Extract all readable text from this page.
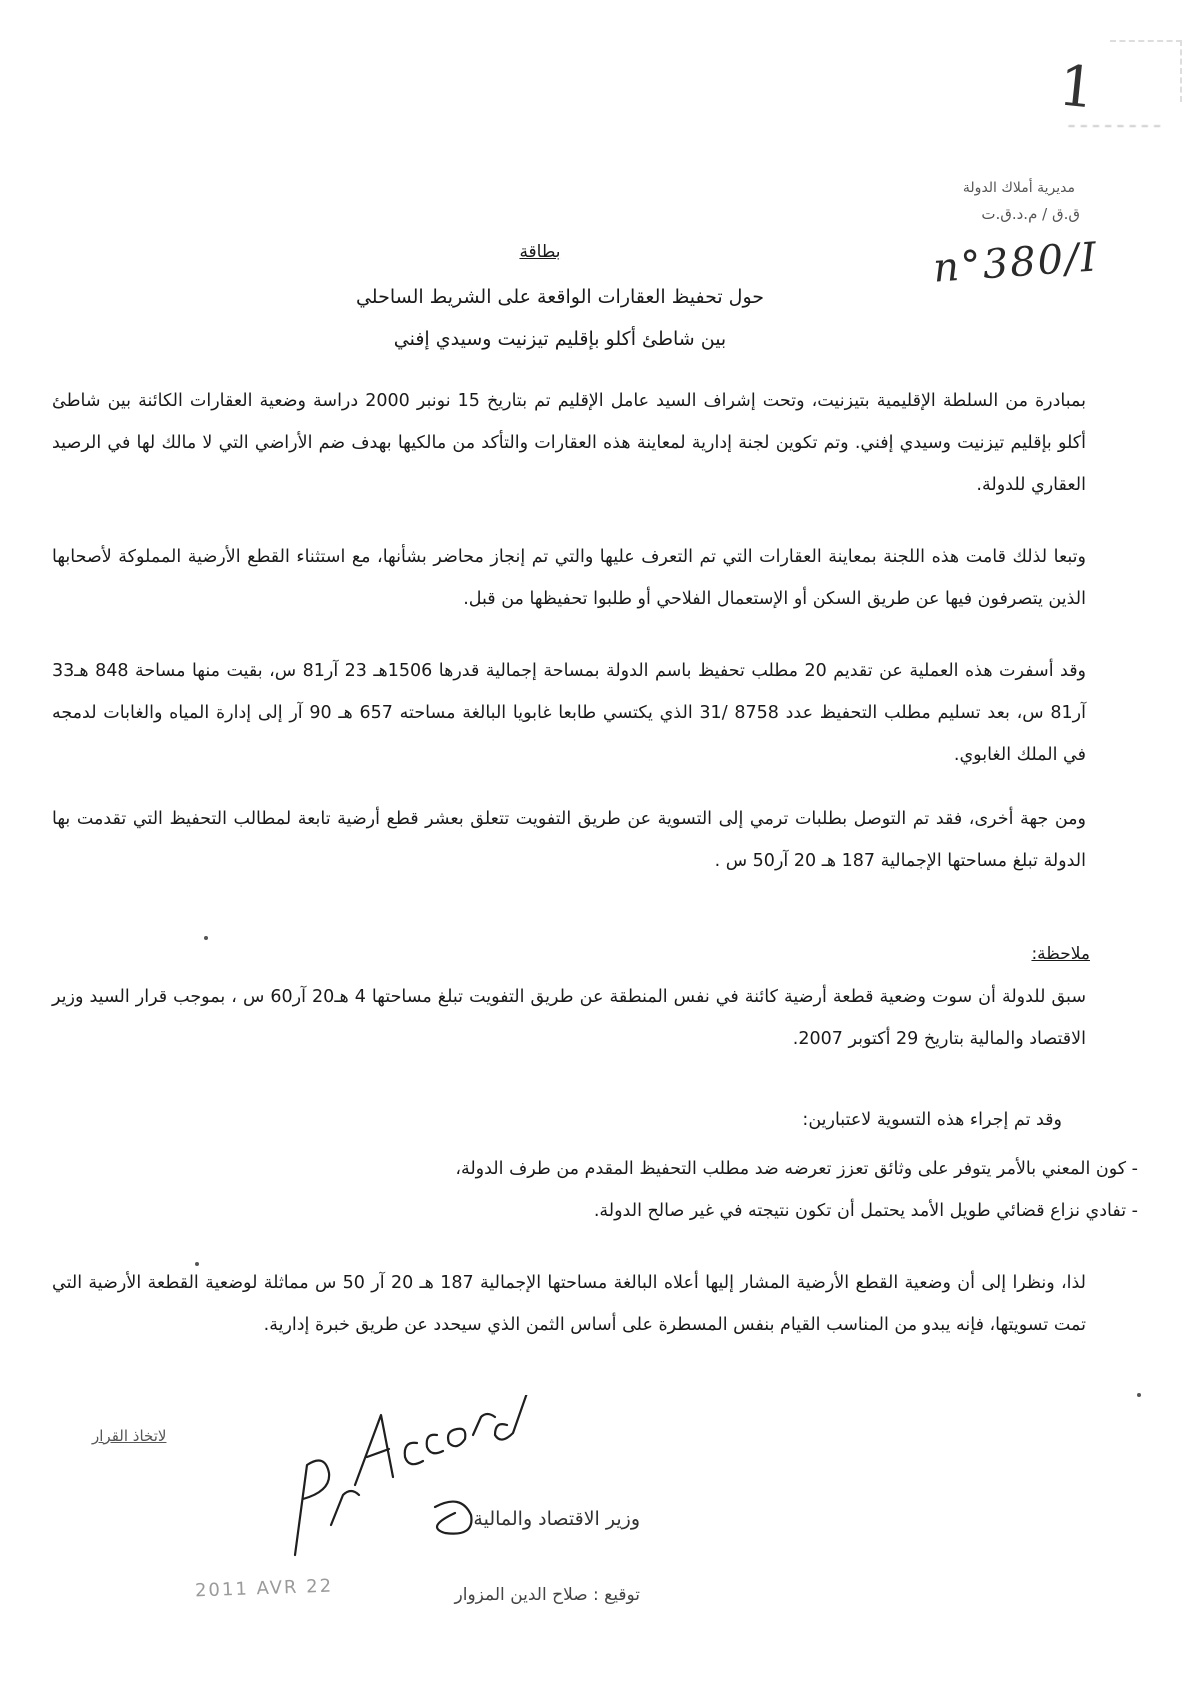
1
ـ ـ ـ ـ ـ ـ ـ ـ
مديرية أملاك الدولة
ق.ق / م.د.ق.ت
n°380/I
بطاقة
حول تحفيظ العقارات الواقعة على الشريط الساحلي
بين شاطئ أكلو بإقليم تيزنيت وسيدي إفني
بمبادرة من السلطة الإقليمية بتيزنيت، وتحت إشراف السيد عامل الإقليم تم بتاريخ 15 نونبر 2000 دراسة وضعية العقارات الكائنة بين شاطئ أكلو بإقليم تيزنيت وسيدي إفني. وتم تكوين لجنة إدارية لمعاينة هذه العقارات والتأكد من مالكيها بهدف ضم الأراضي التي لا مالك لها في الرصيد العقاري للدولة.
وتبعا لذلك قامت هذه اللجنة بمعاينة العقارات التي تم التعرف عليها والتي تم إنجاز محاضر بشأنها، مع استثناء القطع الأرضية المملوكة لأصحابها الذين يتصرفون فيها عن طريق السكن أو الإستعمال الفلاحي أو طلبوا تحفيظها من قبل.
وقد أسفرت هذه العملية عن تقديم 20 مطلب تحفيظ باسم الدولة بمساحة إجمالية قدرها 1506هـ 23 آر81 س، بقيت منها مساحة 848 هـ33 آر81 س، بعد تسليم مطلب التحفيظ عدد 8758 /31 الذي يكتسي طابعا غابويا البالغة مساحته 657 هـ 90 آر إلى إدارة المياه والغابات لدمجه في الملك الغابوي.
ومن جهة أخرى، فقد تم التوصل بطلبات ترمي إلى التسوية عن طريق التفويت تتعلق بعشر قطع أرضية تابعة لمطالب التحفيظ التي تقدمت بها الدولة تبلغ مساحتها الإجمالية 187 هـ 20 آر50 س .
ملاحظة:
سبق للدولة أن سوت وضعية قطعة أرضية كائنة في نفس المنطقة عن طريق التفويت تبلغ مساحتها 4 هـ20 آر60 س ، بموجب قرار السيد وزير الاقتصاد والمالية بتاريخ 29 أكتوبر 2007.
وقد تم إجراء هذه التسوية لاعتبارين:
- كون المعني بالأمر يتوفر على وثائق تعزز تعرضه ضد مطلب التحفيظ المقدم من طرف الدولة،
- تفادي نزاع قضائي طويل الأمد يحتمل أن تكون نتيجته في غير صالح الدولة.
لذا، ونظرا إلى أن وضعية القطع الأرضية المشار إليها أعلاه البالغة مساحتها الإجمالية 187 هـ 20 آر 50 س مماثلة لوضعية القطعة الأرضية التي تمت تسويتها، فإنه يبدو من المناسب القيام بنفس المسطرة على أساس الثمن الذي سيحدد عن طريق خبرة إدارية.
لاتخاذ القرار
وزير الاقتصاد والمالية
توقيع : صلاح الدين المزوار
2011 AVR 22
